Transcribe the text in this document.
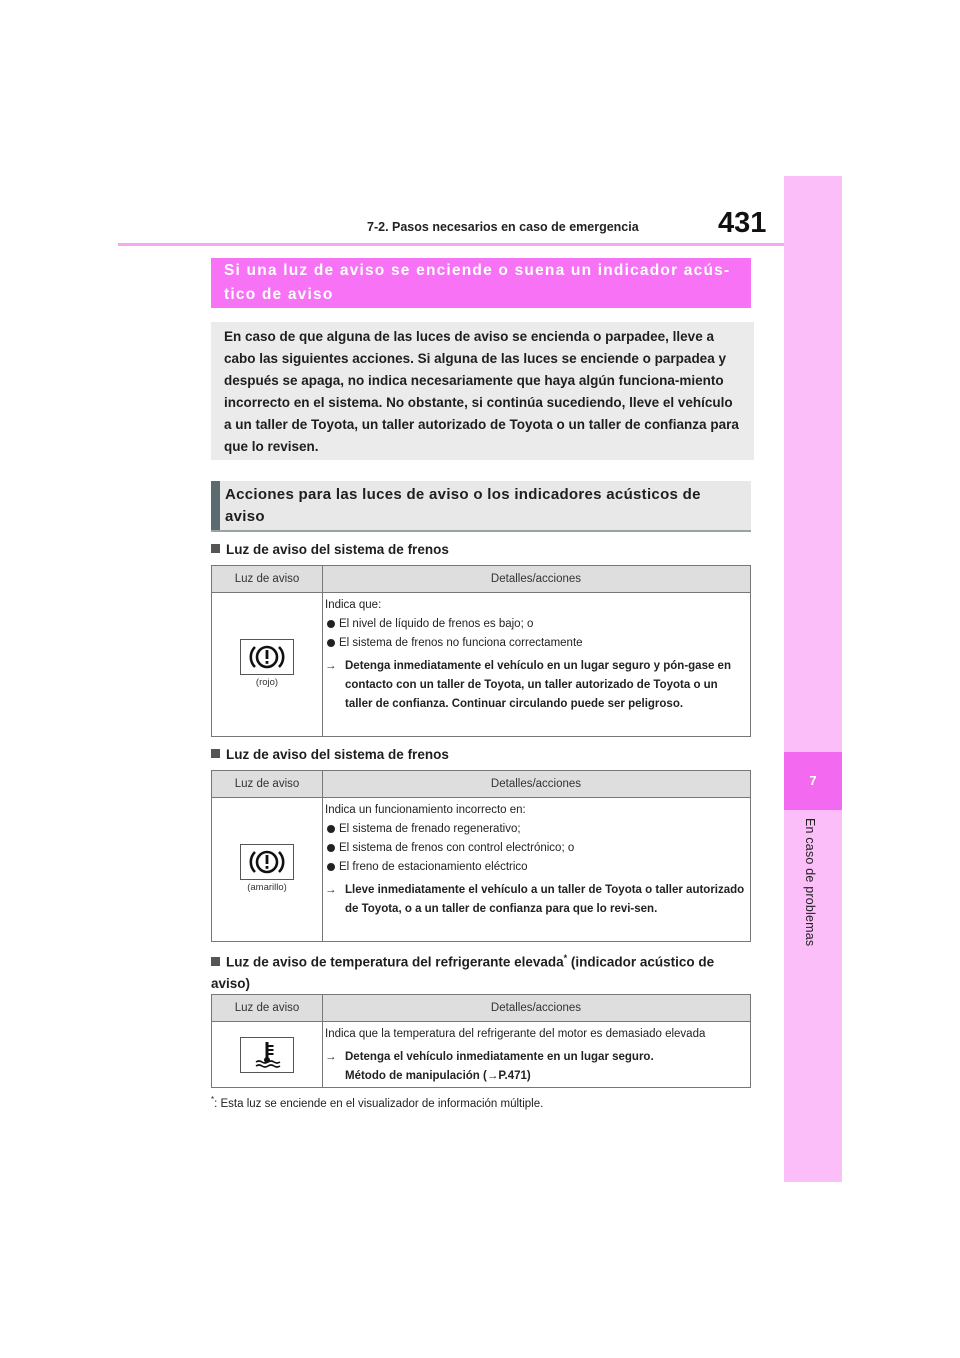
431
7-2. Pasos necesarios en caso de emergencia
7
En caso de problemas
Si una luz de aviso se enciende o suena un indicador acús-tico de aviso
En caso de que alguna de las luces de aviso se encienda o parpadee, lleve a cabo las siguientes acciones. Si alguna de las luces se enciende o parpadea y después se apaga, no indica necesariamente que haya algún funciona-miento incorrecto en el sistema. No obstante, si continúa sucediendo, lleve el vehículo a un taller de Toyota, un taller autorizado de Toyota o un taller de confianza para que lo revisen.
Acciones para las luces de aviso o los indicadores acústicos de aviso
Luz de aviso del sistema de frenos
Luz de aviso	Detalles/acciones
(rojo)
Indica que:
El nivel de líquido de frenos es bajo; o
El sistema de frenos no funciona correctamente
→ Detenga inmediatamente el vehículo en un lugar seguro y pón-gase en contacto con un taller de Toyota, un taller autorizado de Toyota o un taller de confianza. Continuar circulando puede ser peligroso.
Luz de aviso del sistema de frenos
Luz de aviso	Detalles/acciones
(amarillo)
Indica un funcionamiento incorrecto en:
El sistema de frenado regenerativo;
El sistema de frenos con control electrónico; o
El freno de estacionamiento eléctrico
→ Lleve inmediatamente el vehículo a un taller de Toyota o taller autorizado de Toyota, o a un taller de confianza para que lo revi-sen.
Luz de aviso de temperatura del refrigerante elevada* (indicador acústico de aviso)
Luz de aviso	Detalles/acciones
Indica que la temperatura del refrigerante del motor es demasiado elevada
→ Detenga el vehículo inmediatamente en un lugar seguro.
Método de manipulación (→P.471)
*: Esta luz se enciende en el visualizador de información múltiple.
